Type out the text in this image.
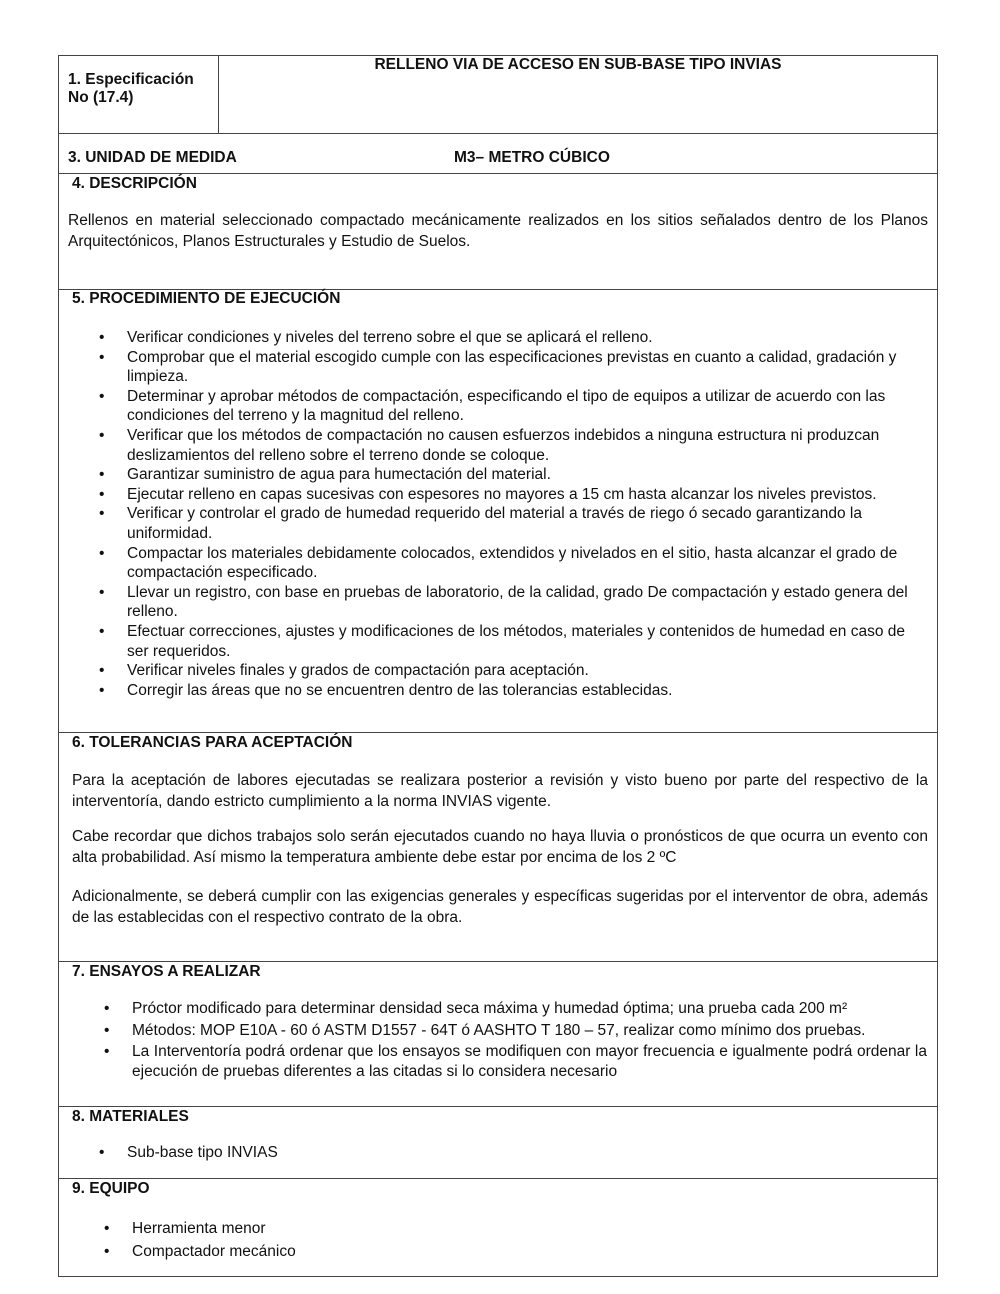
1. Especificación
No (17.4)
RELLENO VIA DE ACCESO EN SUB-BASE TIPO INVIAS
3. UNIDAD DE MEDIDA	M3– METRO CÚBICO
4. DESCRIPCIÓN

Rellenos en material seleccionado compactado mecánicamente realizados en los sitios señalados dentro de los Planos Arquitectónicos, Planos Estructurales y Estudio de Suelos.

5. PROCEDIMIENTO DE EJECUCIÓN
• Verificar condiciones y niveles del terreno sobre el que se aplicará el relleno.
• Comprobar que el material escogido cumple con las especificaciones previstas en cuanto a calidad, gradación y limpieza.
• Determinar y aprobar métodos de compactación, especificando el tipo de equipos a utilizar de acuerdo con las condiciones del terreno y la magnitud del relleno.
• Verificar que los métodos de compactación no causen esfuerzos indebidos a ninguna estructura ni produzcan deslizamientos del relleno sobre el terreno donde se coloque.
• Garantizar suministro de agua para humectación del material.
• Ejecutar relleno en capas sucesivas con espesores no mayores a 15 cm hasta alcanzar los niveles previstos.
• Verificar y controlar el grado de humedad requerido del material a través de riego ó secado garantizando la uniformidad.
• Compactar los materiales debidamente colocados, extendidos y nivelados en el sitio, hasta alcanzar el grado de compactación especificado.
• Llevar un registro, con base en pruebas de laboratorio, de la calidad, grado De compactación y estado genera del relleno.
• Efectuar correcciones, ajustes y modificaciones de los métodos, materiales y contenidos de humedad en caso de ser requeridos.
• Verificar niveles finales y grados de compactación para aceptación.
• Corregir las áreas que no se encuentren dentro de las tolerancias establecidas.
6. TOLERANCIAS PARA ACEPTACIÓN

Para la aceptación de labores ejecutadas se realizara posterior a revisión y visto bueno por parte del respectivo de la interventoría, dando estricto cumplimiento a la norma INVIAS vigente.

Cabe recordar que dichos trabajos solo serán ejecutados cuando no haya lluvia o pronósticos de que ocurra un evento con alta probabilidad. Así mismo la temperatura ambiente debe estar por encima de los 2 ºC

Adicionalmente, se deberá cumplir con las exigencias generales y específicas sugeridas por el interventor de obra, además de las establecidas con el respectivo contrato de la obra.

7. ENSAYOS A REALIZAR
• Próctor modificado para determinar densidad seca máxima y humedad óptima; una prueba cada 200 m²
• Métodos: MOP E10A - 60 ó ASTM D1557 - 64T ó AASHTO T 180 – 57, realizar como mínimo dos pruebas.
• La Interventoría podrá ordenar que los ensayos se modifiquen con mayor frecuencia e igualmente podrá ordenar la ejecución de pruebas diferentes a las citadas si lo considera necesario
8. MATERIALES
• Sub-base tipo INVIAS
9. EQUIPO
• Herramienta menor
• Compactador mecánico
